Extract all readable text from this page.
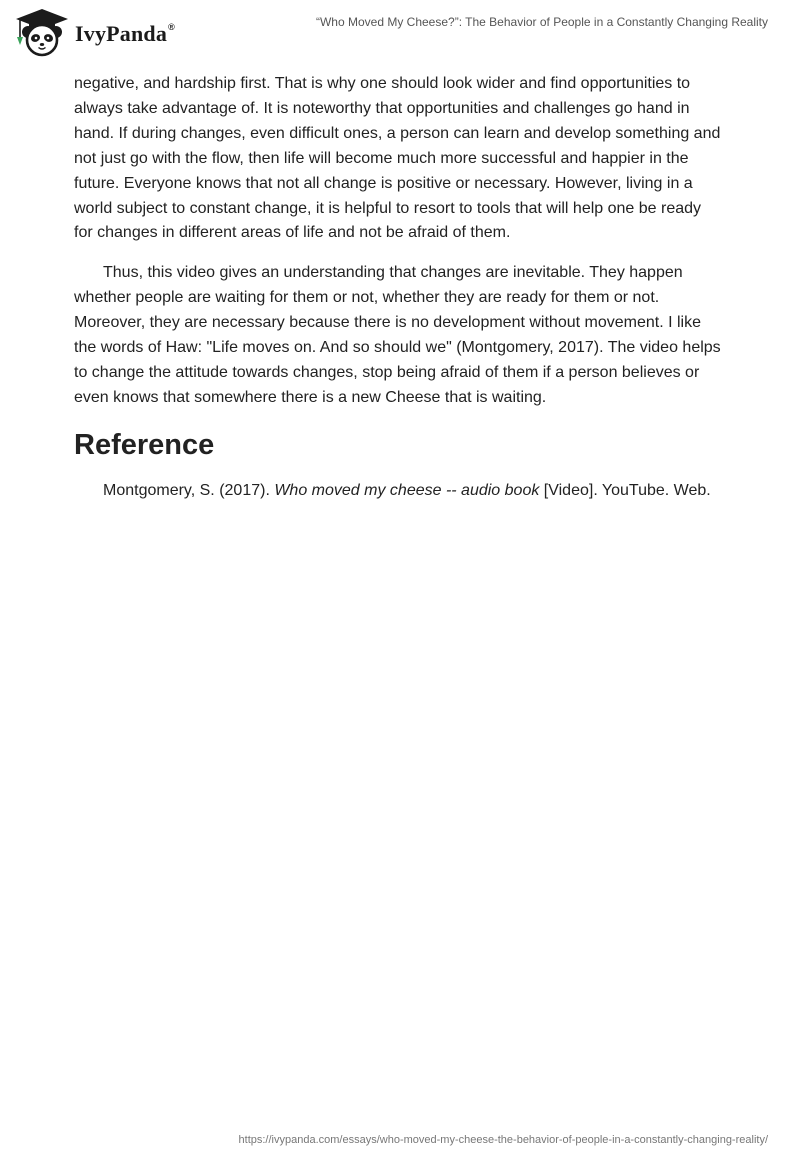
IvyPanda®	“Who Moved My Cheese?”: The Behavior of People in a Constantly Changing Reality

negative, and hardship first. That is why one should look wider and find opportunities to always take advantage of. It is noteworthy that opportunities and challenges go hand in hand. If during changes, even difficult ones, a person can learn and develop something and not just go with the flow, then life will become much more successful and happier in the future. Everyone knows that not all change is positive or necessary. However, living in a world subject to constant change, it is helpful to resort to tools that will help one be ready for changes in different areas of life and not be afraid of them.

Thus, this video gives an understanding that changes are inevitable. They happen whether people are waiting for them or not, whether they are ready for them or not. Moreover, they are necessary because there is no development without movement. I like the words of Haw: "Life moves on. And so should we" (Montgomery, 2017). The video helps to change the attitude towards changes, stop being afraid of them if a person believes or even knows that somewhere there is a new Cheese that is waiting.

Reference

Montgomery, S. (2017). Who moved my cheese -- audio book [Video]. YouTube. Web.

https://ivypanda.com/essays/who-moved-my-cheese-the-behavior-of-people-in-a-constantly-changing-reality/
